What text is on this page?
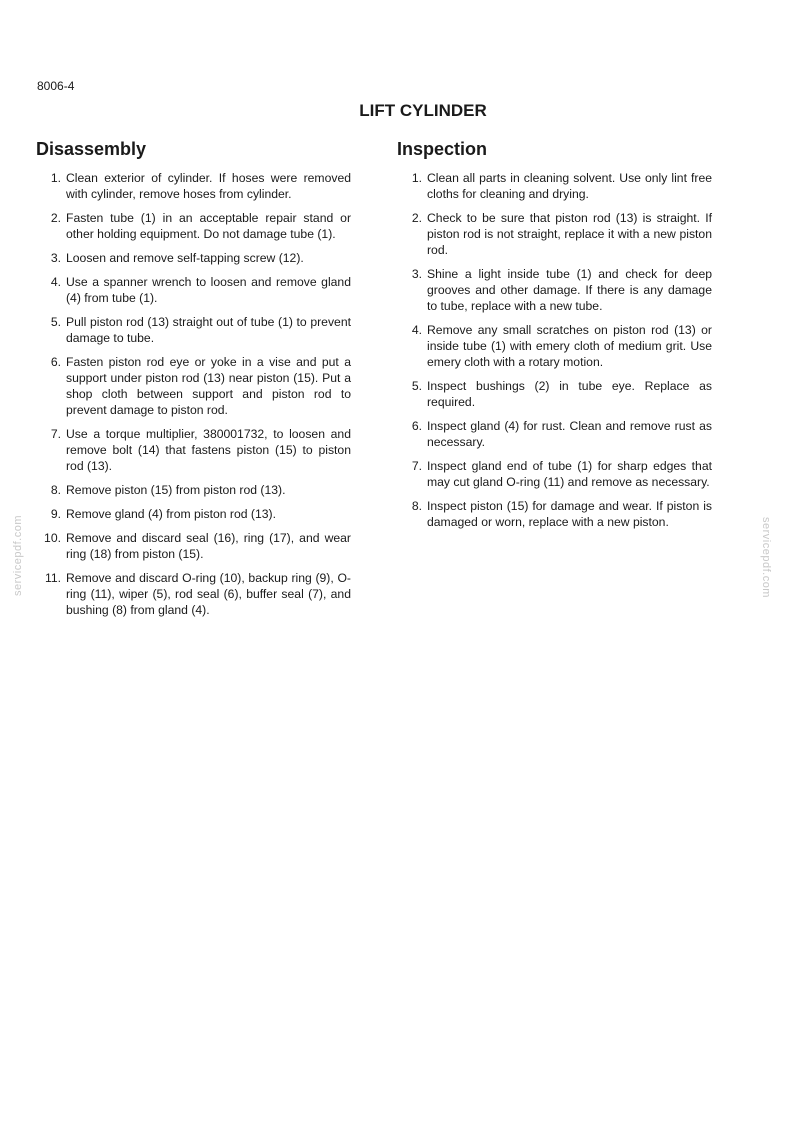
8006-4
LIFT CYLINDER
servicepdf.com	servicepdf.com
Disassembly
1. Clean exterior of cylinder. If hoses were removed with cylinder, remove hoses from cylinder.
2. Fasten tube (1) in an acceptable repair stand or other holding equipment. Do not damage tube (1).
3. Loosen and remove self-tapping screw (12).
4. Use a spanner wrench to loosen and remove gland (4) from tube (1).
5. Pull piston rod (13) straight out of tube (1) to prevent damage to tube.
6. Fasten piston rod eye or yoke in a vise and put a support under piston rod (13) near piston (15). Put a shop cloth between support and piston rod to prevent damage to piston rod.
7. Use a torque multiplier, 380001732, to loosen and remove bolt (14) that fastens piston (15) to piston rod (13).
8. Remove piston (15) from piston rod (13).
9. Remove gland (4) from piston rod (13).
10. Remove and discard seal (16), ring (17), and wear ring (18) from piston (15).
11. Remove and discard O-ring (10), backup ring (9), O-ring (11), wiper (5), rod seal (6), buffer seal (7), and bushing (8) from gland (4).
Inspection
1. Clean all parts in cleaning solvent. Use only lint free cloths for cleaning and drying.
2. Check to be sure that piston rod (13) is straight. If piston rod is not straight, replace it with a new piston rod.
3. Shine a light inside tube (1) and check for deep grooves and other damage. If there is any damage to tube, replace with a new tube.
4. Remove any small scratches on piston rod (13) or inside tube (1) with emery cloth of medium grit. Use emery cloth with a rotary motion.
5. Inspect bushings (2) in tube eye. Replace as required.
6. Inspect gland (4) for rust. Clean and remove rust as necessary.
7. Inspect gland end of tube (1) for sharp edges that may cut gland O-ring (11) and remove as necessary.
8. Inspect piston (15) for damage and wear. If piston is damaged or worn, replace with a new piston.
